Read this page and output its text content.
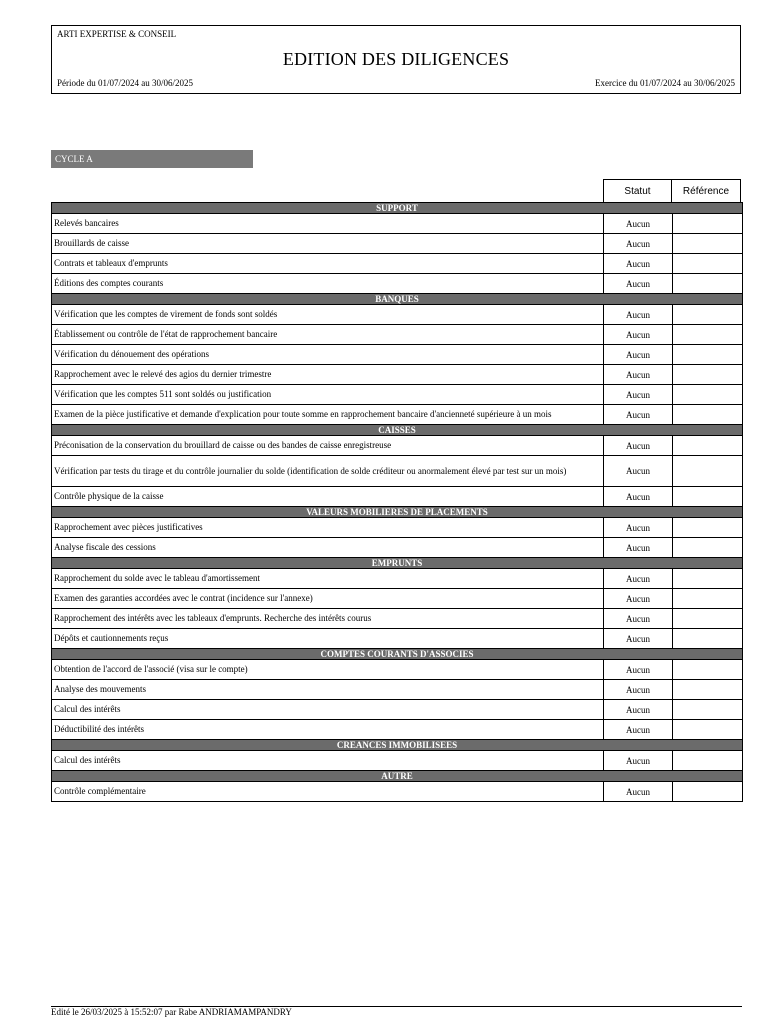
ARTI EXPERTISE & CONSEIL
EDITION DES DILIGENCES
Période du 01/07/2024 au 30/06/2025	Exercice du 01/07/2024 au 30/06/2025
CYCLE A
Statut	Référence
SUPPORT		
Relevés bancaires	Aucun	
Brouillards de caisse	Aucun	
Contrats et tableaux d'emprunts	Aucun	
Éditions des comptes courants	Aucun	
BANQUES		
Vérification que les comptes de virement de fonds sont soldés	Aucun	
Établissement ou contrôle de l'état de rapprochement bancaire	Aucun	
Vérification du dénouement des opérations	Aucun	
Rapprochement avec le relevé des agios du dernier trimestre	Aucun	
Vérification que les comptes 511 sont soldés ou justification	Aucun	
Examen de la pièce justificative et demande d'explication pour toute somme en rapprochement bancaire d'ancienneté supérieure à un mois	Aucun	
CAISSES		
Préconisation de la conservation du brouillard de caisse ou des bandes de caisse enregistreuse	Aucun	
Vérification par tests du tirage et du contrôle journalier du solde (identification de solde créditeur ou anormalement élevé par test sur un mois)	Aucun	
Contrôle physique de la caisse	Aucun	
VALEURS MOBILIERES DE PLACEMENTS		
Rapprochement avec pièces justificatives	Aucun	
Analyse fiscale des cessions	Aucun	
EMPRUNTS		
Rapprochement du solde avec le tableau d'amortissement	Aucun	
Examen des garanties accordées avec le contrat (incidence sur l'annexe)	Aucun	
Rapprochement des intérêts avec les tableaux d'emprunts. Recherche des intérêts courus	Aucun	
Dépôts et cautionnements reçus	Aucun	
COMPTES COURANTS D'ASSOCIES		
Obtention de l'accord de l'associé (visa sur le compte)	Aucun	
Analyse des mouvements	Aucun	
Calcul des intérêts	Aucun	
Déductibilité des intérêts	Aucun	
CREANCES IMMOBILISEES		
Calcul des intérêts	Aucun	
AUTRE		
Contrôle complémentaire	Aucun	
Edité le 26/03/2025 à 15:52:07 par Rabe ANDRIAMAMPANDRY
